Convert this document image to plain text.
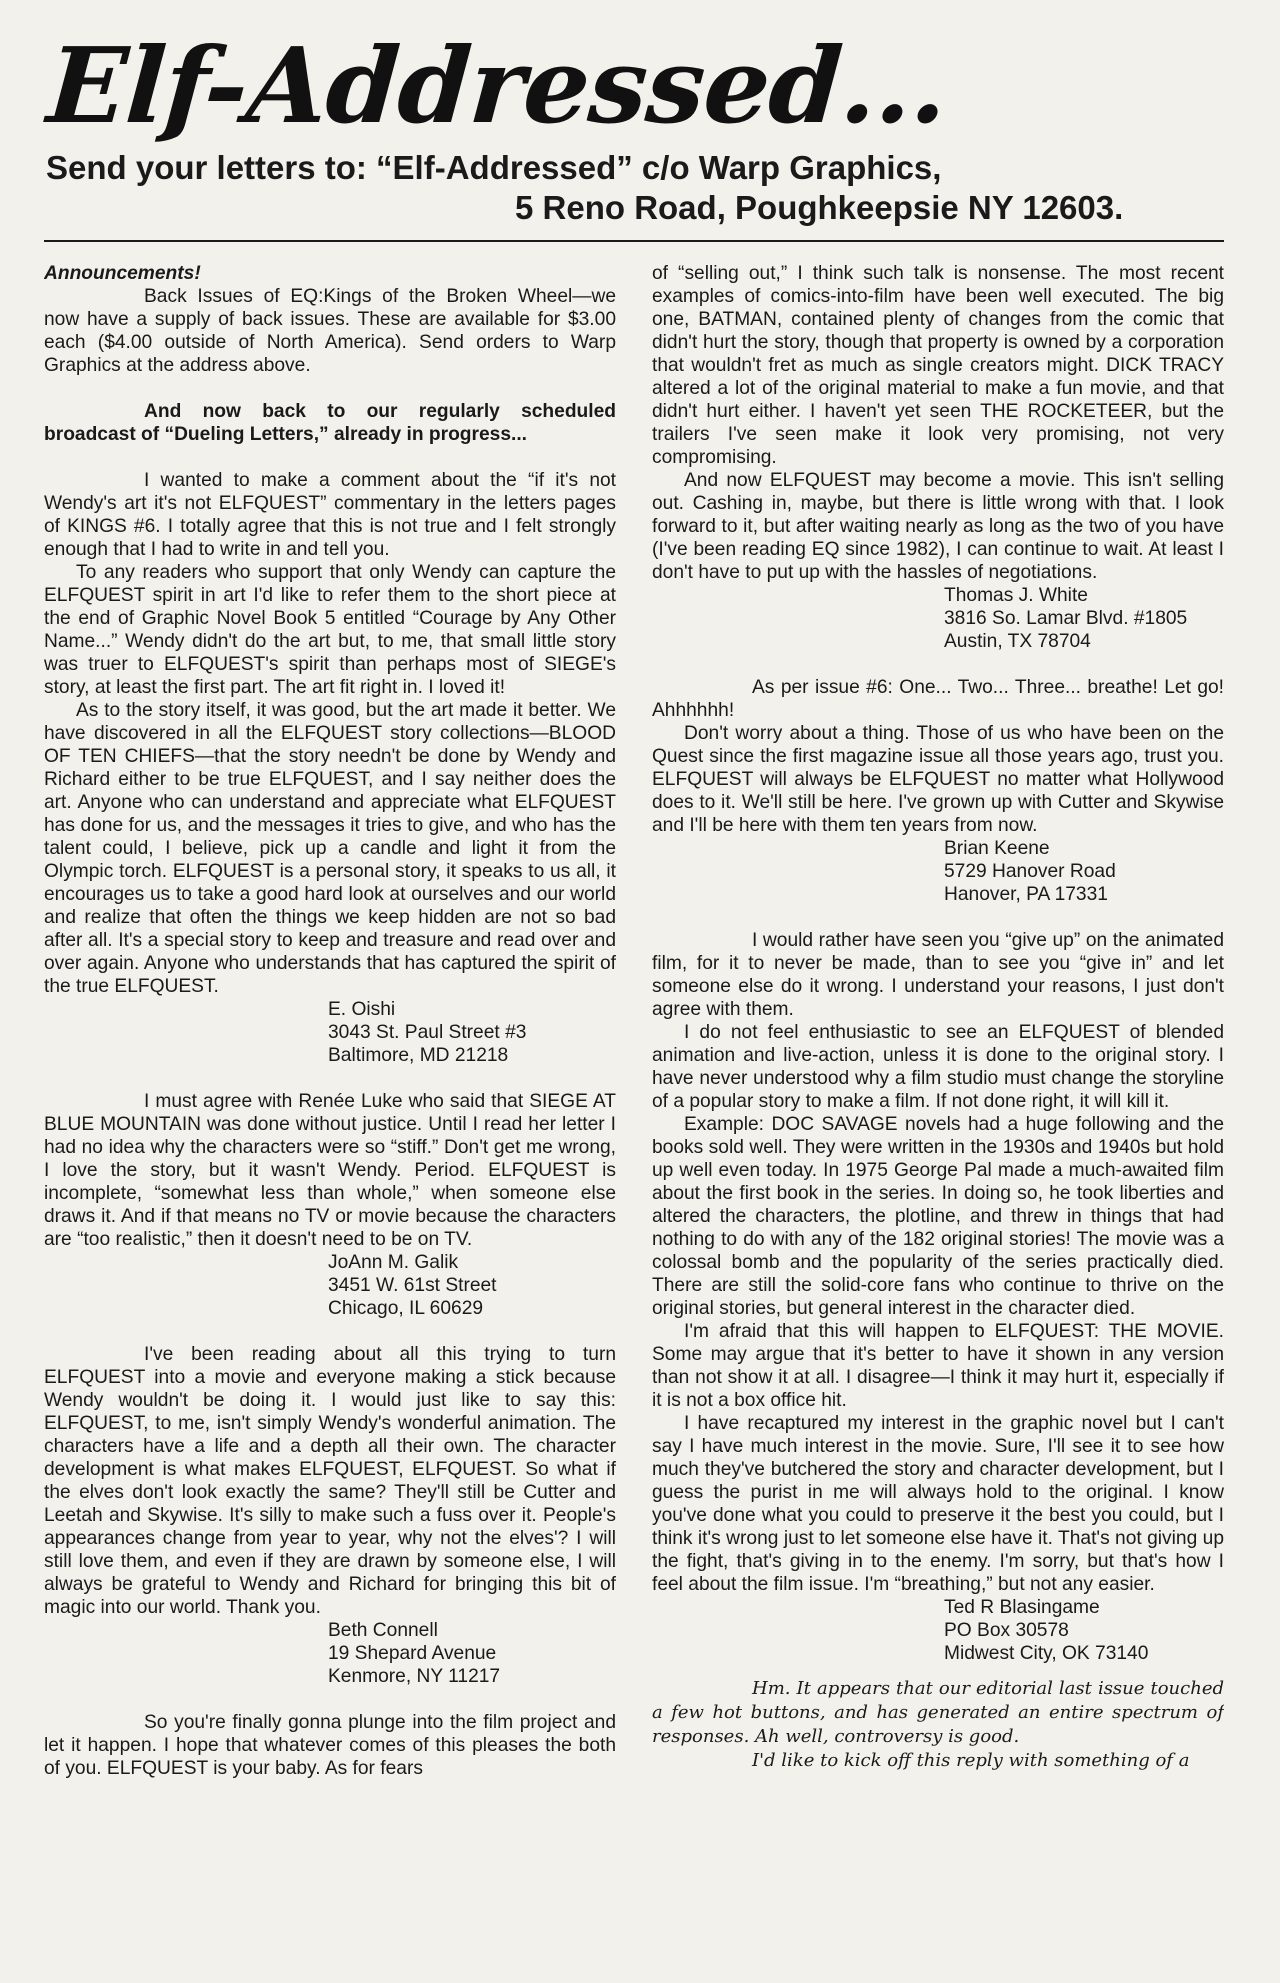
Elf-Addressed...
Send your letters to: “Elf-Addressed” c/o Warp Graphics,
5 Reno Road, Poughkeepsie NY 12603.

Announcements!

Back Issues of EQ:Kings of the Broken Wheel—we now have a supply of back issues. These are available for $3.00 each ($4.00 outside of North America). Send orders to Warp Graphics at the address above.

And now back to our regularly scheduled broadcast of “Dueling Letters,” already in progress...

I wanted to make a comment about the “if it's not Wendy's art it's not ELFQUEST” commentary in the letters pages of KINGS #6. I totally agree that this is not true and I felt strongly enough that I had to write in and tell you.

To any readers who support that only Wendy can capture the ELFQUEST spirit in art I'd like to refer them to the short piece at the end of Graphic Novel Book 5 entitled “Courage by Any Other Name...” Wendy didn't do the art but, to me, that small little story was truer to ELFQUEST's spirit than perhaps most of SIEGE's story, at least the first part. The art fit right in. I loved it!

As to the story itself, it was good, but the art made it better. We have discovered in all the ELFQUEST story collections—BLOOD OF TEN CHIEFS—that the story needn't be done by Wendy and Richard either to be true ELFQUEST, and I say neither does the art. Anyone who can understand and appreciate what ELFQUEST has done for us, and the messages it tries to give, and who has the talent could, I believe, pick up a candle and light it from the Olympic torch. ELFQUEST is a personal story, it speaks to us all, it encourages us to take a good hard look at ourselves and our world and realize that often the things we keep hidden are not so bad after all. It's a special story to keep and treasure and read over and over again. Anyone who understands that has captured the spirit of the true ELFQUEST.

E. Oishi
3043 St. Paul Street #3
Baltimore, MD 21218

I must agree with Renée Luke who said that SIEGE AT BLUE MOUNTAIN was done without justice. Until I read her letter I had no idea why the characters were so “stiff.” Don't get me wrong, I love the story, but it wasn't Wendy. Period. ELFQUEST is incomplete, “somewhat less than whole,” when someone else draws it. And if that means no TV or movie because the characters are “too realistic,” then it doesn't need to be on TV.

JoAnn M. Galik
3451 W. 61st Street
Chicago, IL 60629

I've been reading about all this trying to turn ELFQUEST into a movie and everyone making a stick because Wendy wouldn't be doing it. I would just like to say this: ELFQUEST, to me, isn't simply Wendy's wonderful animation. The characters have a life and a depth all their own. The character development is what makes ELFQUEST, ELFQUEST. So what if the elves don't look exactly the same? They'll still be Cutter and Leetah and Skywise. It's silly to make such a fuss over it. People's appearances change from year to year, why not the elves'? I will still love them, and even if they are drawn by someone else, I will always be grateful to Wendy and Richard for bringing this bit of magic into our world. Thank you.

Beth Connell
19 Shepard Avenue
Kenmore, NY 11217

So you're finally gonna plunge into the film project and let it happen. I hope that whatever comes of this pleases the both of you. ELFQUEST is your baby. As for fears

of “selling out,” I think such talk is nonsense. The most recent examples of comics-into-film have been well executed. The big one, BATMAN, contained plenty of changes from the comic that didn't hurt the story, though that property is owned by a corporation that wouldn't fret as much as single creators might. DICK TRACY altered a lot of the original material to make a fun movie, and that didn't hurt either. I haven't yet seen THE ROCKETEER, but the trailers I've seen make it look very promising, not very compromising.

And now ELFQUEST may become a movie. This isn't selling out. Cashing in, maybe, but there is little wrong with that. I look forward to it, but after waiting nearly as long as the two of you have (I've been reading EQ since 1982), I can continue to wait. At least I don't have to put up with the hassles of negotiations.

Thomas J. White
3816 So. Lamar Blvd. #1805
Austin, TX 78704

As per issue #6: One... Two... Three... breathe! Let go! Ahhhhhh!

Don't worry about a thing. Those of us who have been on the Quest since the first magazine issue all those years ago, trust you. ELFQUEST will always be ELFQUEST no matter what Hollywood does to it. We'll still be here. I've grown up with Cutter and Skywise and I'll be here with them ten years from now.

Brian Keene
5729 Hanover Road
Hanover, PA 17331

I would rather have seen you “give up” on the animated film, for it to never be made, than to see you “give in” and let someone else do it wrong. I understand your reasons, I just don't agree with them.

I do not feel enthusiastic to see an ELFQUEST of blended animation and live-action, unless it is done to the original story. I have never understood why a film studio must change the storyline of a popular story to make a film. If not done right, it will kill it.

Example: DOC SAVAGE novels had a huge following and the books sold well. They were written in the 1930s and 1940s but hold up well even today. In 1975 George Pal made a much-awaited film about the first book in the series. In doing so, he took liberties and altered the characters, the plotline, and threw in things that had nothing to do with any of the 182 original stories! The movie was a colossal bomb and the popularity of the series practically died. There are still the solid-core fans who continue to thrive on the original stories, but general interest in the character died.

I'm afraid that this will happen to ELFQUEST: THE MOVIE. Some may argue that it's better to have it shown in any version than not show it at all. I disagree—I think it may hurt it, especially if it is not a box office hit.

I have recaptured my interest in the graphic novel but I can't say I have much interest in the movie. Sure, I'll see it to see how much they've butchered the story and character development, but I guess the purist in me will always hold to the original. I know you've done what you could to preserve it the best you could, but I think it's wrong just to let someone else have it. That's not giving up the fight, that's giving in to the enemy. I'm sorry, but that's how I feel about the film issue. I'm “breathing,” but not any easier.

Ted R Blasingame
PO Box 30578
Midwest City, OK 73140

Hm. It appears that our editorial last issue touched a few hot buttons, and has generated an entire spectrum of responses. Ah well, controversy is good.

I'd like to kick off this reply with something of a
